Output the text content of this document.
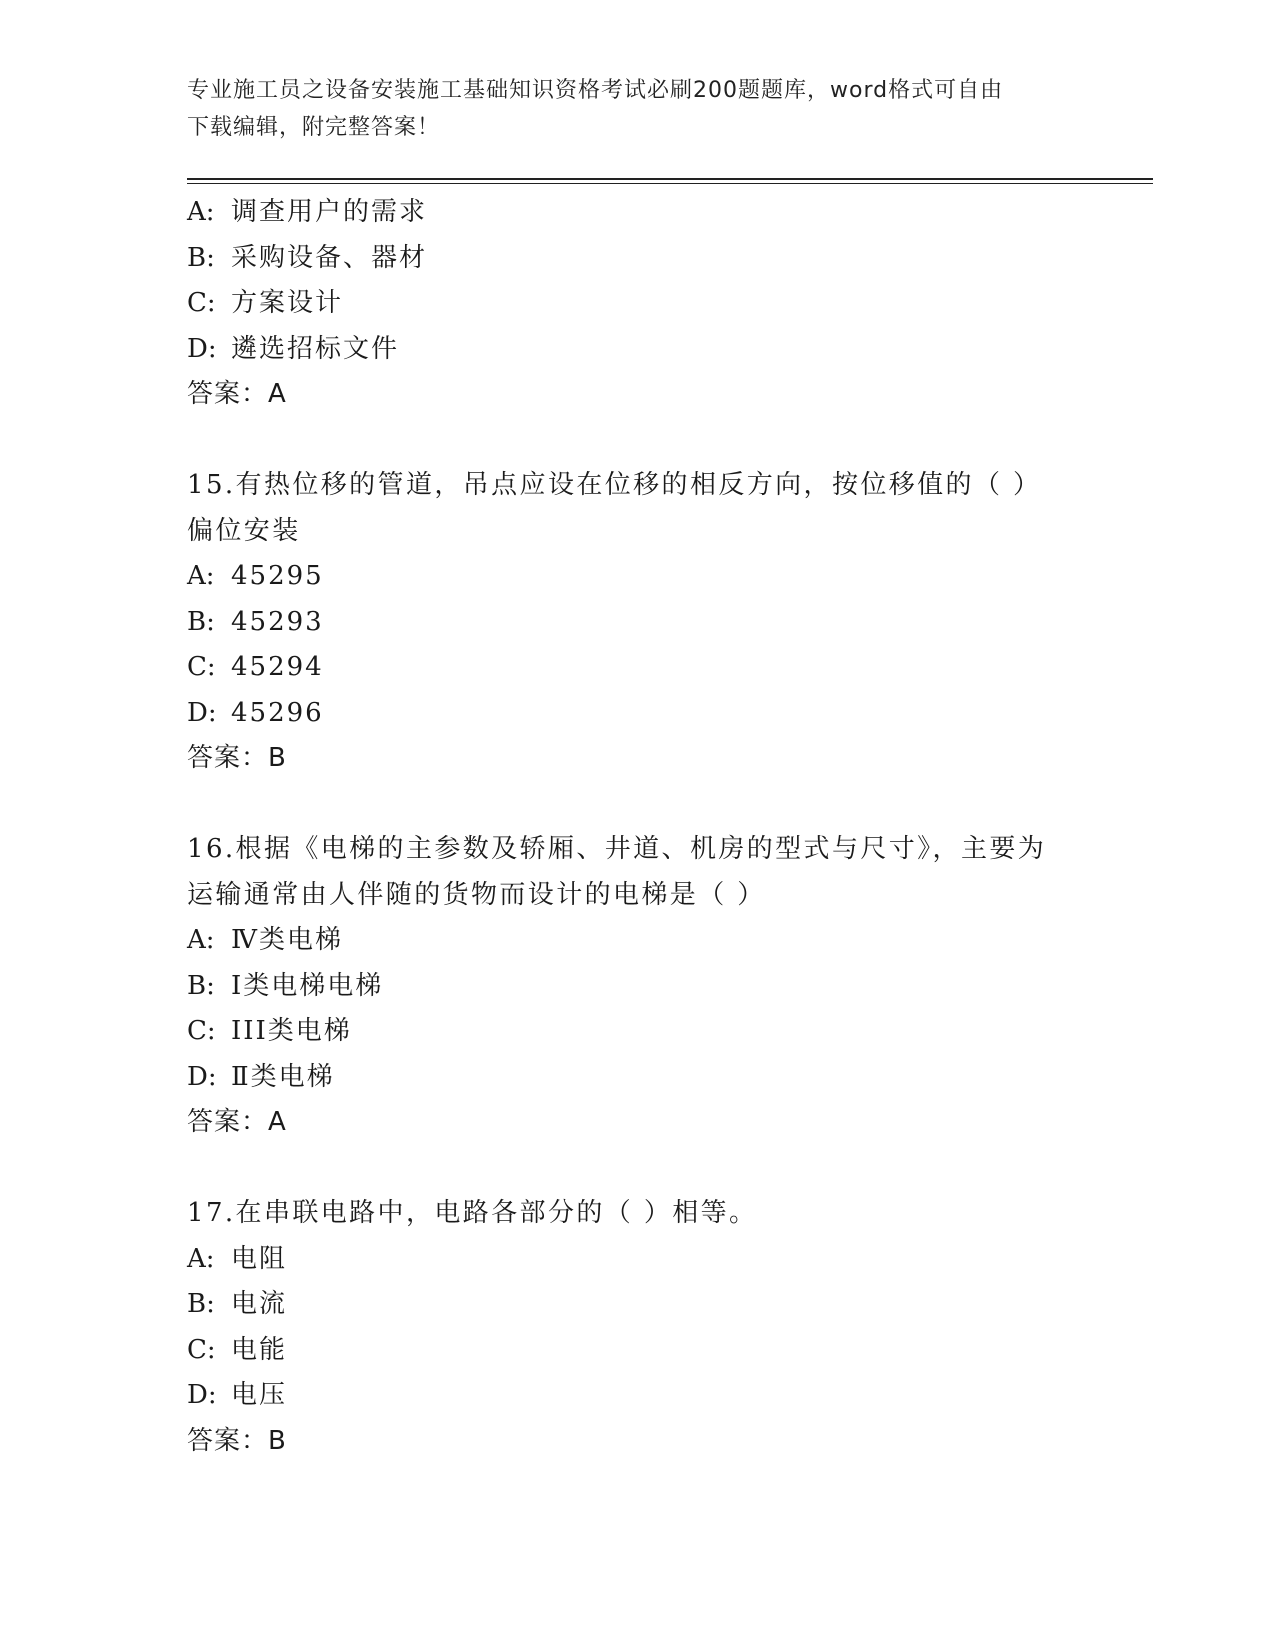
专业施工员之设备安装施工基础知识资格考试必刷200题题库，word格式可自由
下载编辑，附完整答案！
A: 调查用户的需求
B: 采购设备、器材
C: 方案设计
D: 遴选招标文件
答案：A
15.有热位移的管道，吊点应设在位移的相反方向，按位移值的（ ）
偏位安装
A: 45295
B: 45293
C: 45294
D: 45296
答案：B
16.根据《电梯的主参数及轿厢、井道、机房的型式与尺寸》，主要为
运输通常由人伴随的货物而设计的电梯是（ ）
A: Ⅳ类电梯
B: Ⅰ类电梯电梯
C: III类电梯
D: Ⅱ类电梯
答案：A
17.在串联电路中，电路各部分的（ ）相等。
A: 电阻
B: 电流
C: 电能
D: 电压
答案：B
